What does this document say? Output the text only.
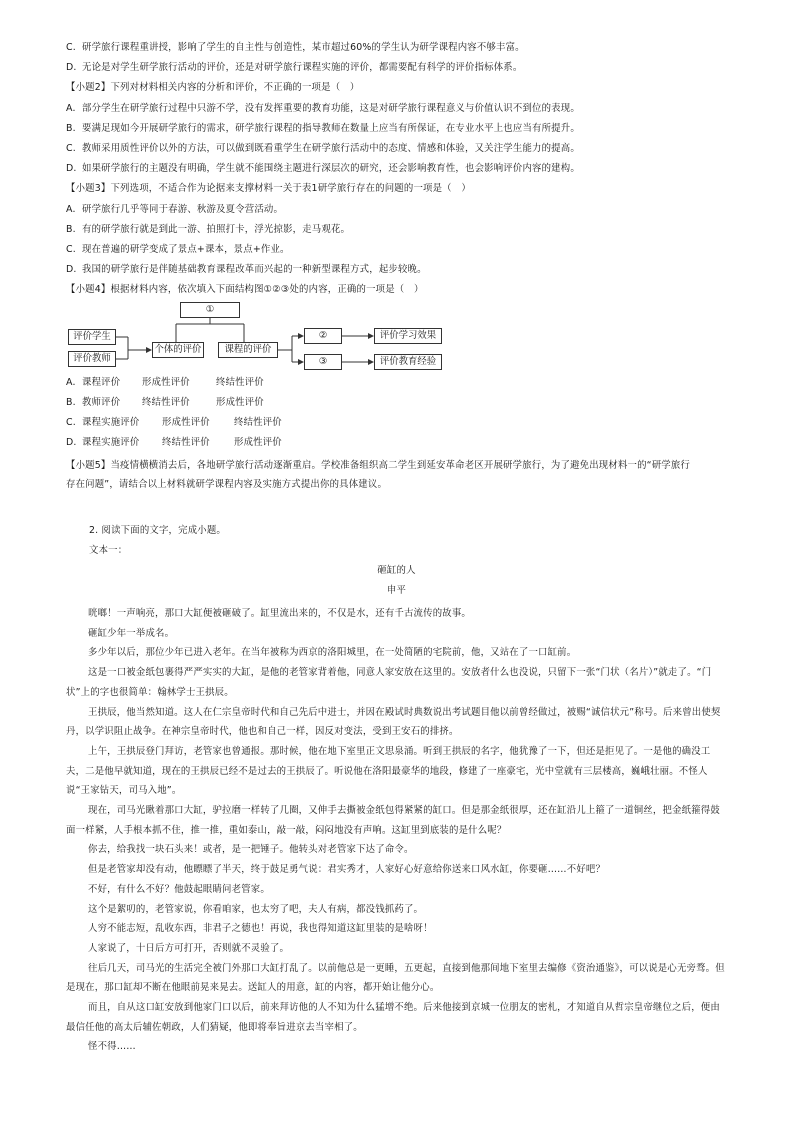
C. 研学旅行课程重讲授，影响了学生的自主性与创造性，某市超过60%的学生认为研学课程内容不够丰富。
D. 无论是对学生研学旅行活动的评价，还是对研学旅行课程实施的评价，都需要配有科学的评价指标体系。
【小题2】下列对材料相关内容的分析和评价，不正确的一项是（　）
【小题3】下列选项，不适合作为论据来支撑材料一关于表1研学旅行存在的问题的一项是（　）
【小题4】根据材料内容，依次填入下面结构图①②③处的内容，正确的一项是（　）
①
评价学生
评价教师
个体的评价	课程的评价
②
③
评价学习效果
评价教育经验
【小题5】当疫情横横消去后，各地研学旅行活动逐渐重启。学校准备组织高二学生到延安革命老区开展研学旅行，为了避免出现材料一的“研学旅行
存在问题”，请结合以上材料就研学课程内容及实施方式提出你的具体建议。
2. 阅读下面的文字，完成小题。
文本一：
砸缸的人
申平
A. 部分学生在研学旅行过程中只游不学，没有发挥重要的教育功能，这是对研学旅行课程意义与价值认识不到位的表现。
B. 要满足现如今开展研学旅行的需求，研学旅行课程的指导教师在数量上应当有所保证，在专业水平上也应当有所提升。
C. 教师采用质性评价以外的方法，可以做到既看重学生在研学旅行活动中的态度、情感和体验，又关注学生能力的提高。
D. 如果研学旅行的主题没有明确，学生就不能围绕主题进行深层次的研究，还会影响教育性，也会影响评价内容的建构。
A. 研学旅行几乎等同于春游、秋游及夏令营活动。
B. 有的研学旅行就是到此一游、拍照打卡，浮光掠影，走马观花。
C. 现在普遍的研学变成了景点+课本，景点+作业。
D. 我国的研学旅行是伴随基础教育课程改革而兴起的一种新型课程方式，起步较晚。
A. 课程评价 形成性评价	终结性评价
B. 教师评价 终结性评价	形成性评价
C. 课程实施评价 形成性评价	终结性评价
D. 课程实施评价 终结性评价	形成性评价
咣啷！一声响亮，那口大缸便被砸破了。缸里流出来的，不仅是水，还有千古流传的故事。
砸缸少年一举成名。
多少年以后，那位少年已进入老年。在当年被称为西京的洛阳城里，在一处简陋的宅院前，他，又站在了一口缸前。
这是一口被金纸包裹得严严实实的大缸，是他的老管家背着他，同意人家安放在这里的。安放者什么也没说，只留下一张“门状（名片）”就走了。“门状”上的字也很简单：翰林学士王拱辰。
王拱辰，他当然知道。这人在仁宗皇帝时代和自己先后中进士，并因在殿试时典数说出考试题目他以前曾经做过，被赐“诚信状元”称号。后来曾出使契丹，以学识阻止战争。在神宗皇帝时代，他也和自己一样，因反对变法，受到王安石的排挤。
上午，王拱辰登门拜访，老管家也曾通报。那时候，他在地下室里正文思泉涌。听到王拱辰的名字，他犹豫了一下，但还是拒见了。一是他的确没工夫，二是他早就知道，现在的王拱辰已经不是过去的王拱辰了。听说他在洛阳最豪华的地段，修建了一座豪宅，光中堂就有三层楼高，巍峨壮丽。不怪人说“王家钻天，司马入地”。
现在，司马光瞅着那口大缸，驴拉磨一样转了几圈，又伸手去撕被金纸包得紧紧的缸口。但是那金纸很厚，还在缸沿儿上箍了一道铜丝，把金纸箍得鼓面一样紧，人手根本抓不住，推一推，重如泰山，敲一敲，闷闷地没有声响。这缸里到底装的是什么呢？
你去，给我找一块石头来！或者，是一把锤子。他转头对老管家下达了命令。
但是老管家却没有动，他瞟瞟了半天，终于鼓足勇气说：君实秀才，人家好心好意给你送来口风水缸，你要砸……不好吧？
不好，有什么不好？他鼓起眼睛问老管家。
这个是絮叨的，老管家说，你看咱家，也太穷了吧，夫人有病，都没钱抓药了。
人穷不能志短，乱收东西，非君子之德也！再说，我也得知道这缸里装的是啥呀！
人家说了，十日后方可打开，否则就不灵验了。
往后几天，司马光的生活完全被门外那口大缸打乱了。以前他总是一更睡，五更起，直接到他那间地下室里去编修《资治通鉴》，可以说是心无旁骛。但是现在，那口缸却不断在他眼前晃来晃去。送缸人的用意，缸的内容，都开始让他分心。
而且，自从这口缸安放到他家门口以后，前来拜访他的人不知为什么猛增不绝。后来他接到京城一位朋友的密札，才知道自从哲宗皇帝继位之后，便由最信任他的高太后辅佐朝政，人们猜疑，他即将奉旨进京去当宰相了。
怪不得……
